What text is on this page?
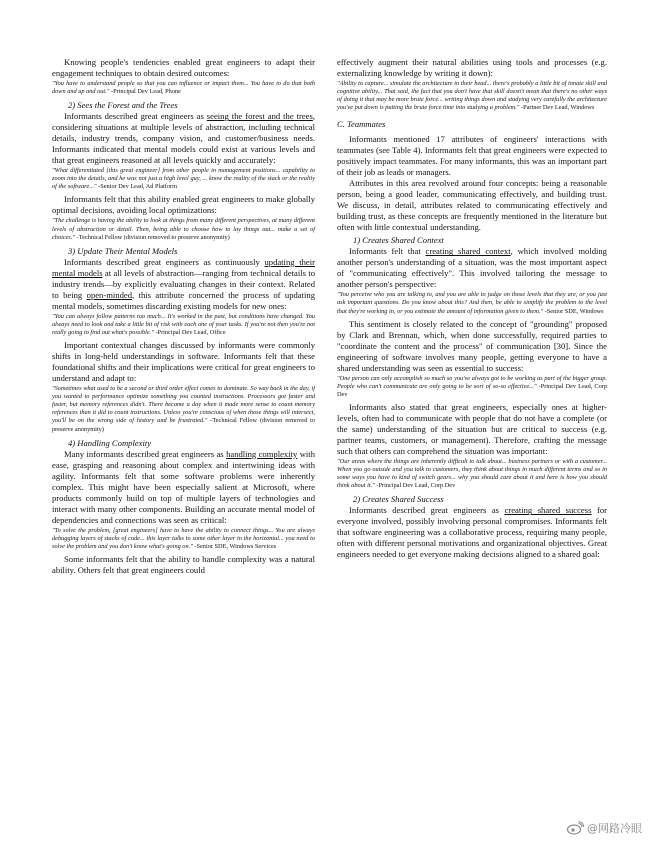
Knowing people's tendencies enabled great engineers to adapt their engagement techniques to obtain desired outcomes:

"You have to understand people so that you can influence or impact them... You have to do that both down and up and out." -Principal Dev Lead, Phone
2) Sees the Forest and the Trees

Informants described great engineers as seeing the forest and the trees, considering situations at multiple levels of abstraction, including technical details, industry trends, company vision, and customer/business needs. Informants indicated that mental models could exist at various levels and that great engineers reasoned at all levels quickly and accurately:

"What differentiated [this great engineer] from other people in management positions... capability to zoom into the details, and he was not just a high level guy, ... know the reality of the stack or the reality of the software..." -Senior Dev Lead, Ad Platform

Informants felt that this ability enabled great engineers to make globally optimal decisions, avoiding local optimizations:

"The challenge is having the ability to look at things from many different perspectives, at many different levels of abstraction or detail. Then, being able to choose how to lay things out... make a set of choices." -Technical Fellow (division removed to preserve anonymity)
3) Update Their Mental Models

Informants described great engineers as continuously updating their mental models at all levels of abstraction—ranging from technical details to industry trends—by explicitly evaluating changes in their context. Related to being open-minded, this attribute concerned the process of updating mental models, sometimes discarding existing models for new ones:

"You can always follow patterns too much... It's worked in the past, but conditions have changed. You always need to look and take a little bit of risk with each one of your tasks. If you're not then you're not really going to find out what's possible." -Principal Dev Lead, Office

Important contextual changes discussed by informants were commonly shifts in long-held understandings in software. Informants felt that these foundational shifts and their implications were critical for great engineers to understand and adapt to:

"Sometimes what used to be a second or third order effect comes to dominate. So way back in the day, if you wanted to performance optimize something you counted instructions. Processors got faster and faster, but memory references didn't. There became a day when it made more sense to count memory references than it did to count instructions. Unless you're conscious of when those things will intersect, you'll be on the wrong side of history and be frustrated." -Technical Fellow (division removed to preserve anonymity)
4) Handling Complexity

Many informants described great engineers as handling complexity with ease, grasping and reasoning about complex and intertwining ideas with agility. Informants felt that some software problems were inherently complex. This might have been especially salient at Microsoft, where products commonly build on top of multiple layers of technologies and interact with many other components. Building an accurate mental model of dependencies and connections was seen as critical:

"To solve the problem, [great engineers] have to have the ability to connect things... You are always debugging layers of stacks of code... this layer talks to some other layer in the horizontal... you need to solve the problem and you don't know what's going on." -Senior SDE, Windows Services

Some informants felt that the ability to handle complexity was a natural ability. Others felt that great engineers could

effectively augment their natural abilities using tools and processes (e.g. externalizing knowledge by writing it down):

"Ability to capture... simulate the architecture in their head... there's probably a little bit of innate skill and cognitive ability... That said, the fact that you don't have that skill doesn't mean that there's no other ways of doing it that may be more brute force... writing things down and studying very carefully the architecture you've put down is putting the brute force time into studying a problem." -Partner Dev Lead, Windows
C. Teammates

Informants mentioned 17 attributes of engineers' interactions with teammates (see Table 4). Informants felt that great engineers were expected to positively impact teammates. For many informants, this was an important part of their job as leads or managers.

Attributes in this area revolved around four concepts: being a reasonable person, being a good leader, communicating effectively, and building trust. We discuss, in detail, attributes related to communicating effectively and building trust, as these concepts are frequently mentioned in the literature but often with little contextual understanding.

1) Creates Shared Context

Informants felt that creating shared context, which involved molding another person's understanding of a situation, was the most important aspect of "communicating effectively". This involved tailoring the message to another person's perspective:

"You perceive who you are talking to, and you are able to judge on those levels that they are, or you just ask important questions. Do you know about this? And then, be able to simplify the problem to the level that they're working in, or you estimate the amount of information given to them." -Senior SDE, Windows

This sentiment is closely related to the concept of "grounding" proposed by Clark and Brennan, which, when done successfully, required parties to "coordinate the content and the process" of communication [30]. Since the engineering of software involves many people, getting everyone to have a shared understanding was seen as essential to success:

"One person can only accomplish so much so you've always got to be working as part of the bigger group. People who can't communicate are only going to be sort of so-so effective..." -Principal Dev Lead, Corp Dev

Informants also stated that great engineers, especially ones at higher-levels, often had to communicate with people that do not have a complete (or the same) understanding of the situation but are critical to success (e.g. partner teams, customers, or management). Therefore, crafting the message such that others can comprehend the situation was important:

"Our areas where the things are inherently difficult to talk about... business partners or with a customer... When you go outside and you talk to customers, they think about things in much different terms and so in some ways you have to kind of switch gears... why you should care about it and here is how you should think about it." -Principal Dev Lead, Corp Dev
2) Creates Shared Success

Informants described great engineers as creating shared success for everyone involved, possibly involving personal compromises. Informants felt that software engineering was a collaborative process, requiring many people, often with different personal motivations and organizational objectives. Great engineers needed to get everyone making decisions aligned to a shared goal:

@网路冷眼
